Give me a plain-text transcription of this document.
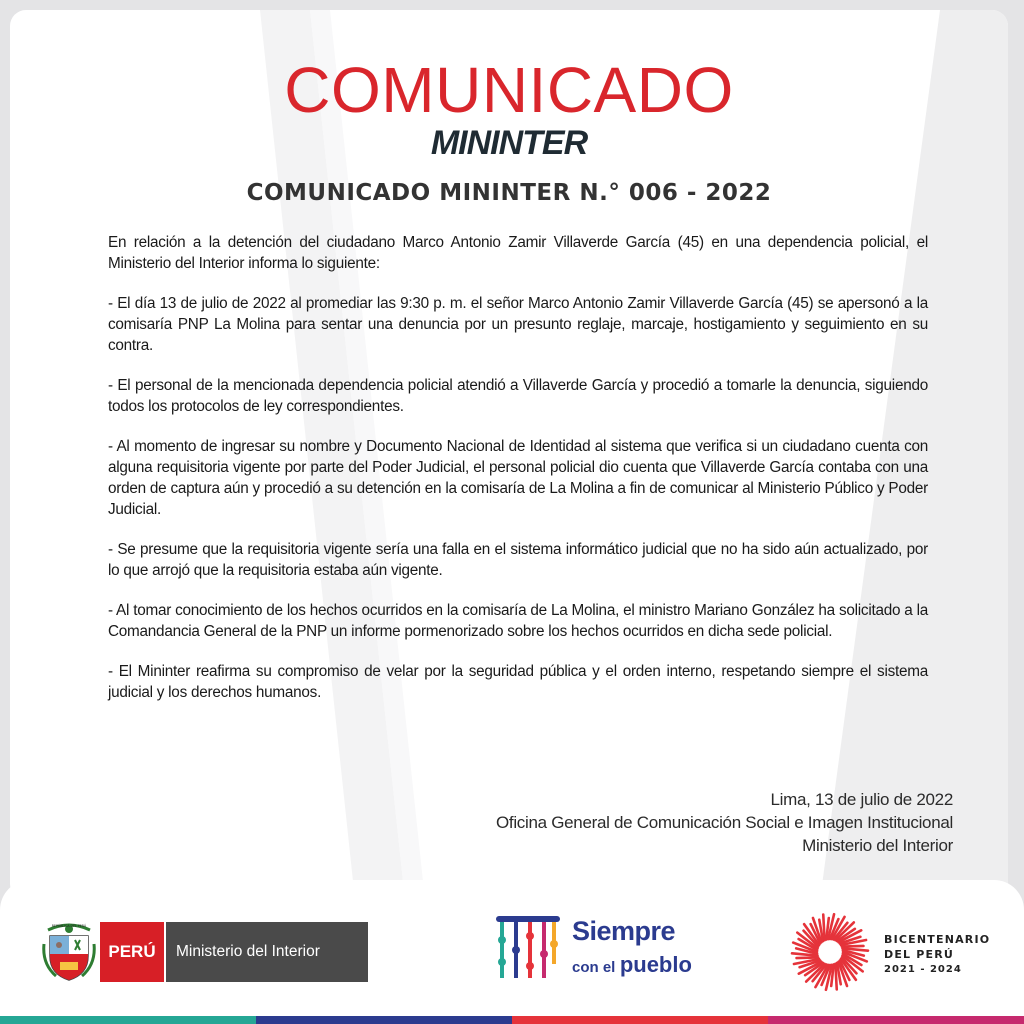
COMUNICADO
MININTER
COMUNICADO MININTER N.° 006 - 2022

En relación a la detención del ciudadano Marco Antonio Zamir Villaverde García (45) en una dependencia policial, el Ministerio del Interior informa lo siguiente:

- El día 13 de julio de 2022 al promediar las 9:30 p. m. el señor Marco Antonio Zamir Villaverde García (45) se apersonó a la comisaría PNP La Molina para sentar una denuncia por un presunto reglaje, marcaje, hostigamiento y seguimiento en su contra.

- El personal de la mencionada dependencia policial atendió a Villaverde García y procedió a tomarle la denuncia, siguiendo todos los protocolos de ley correspondientes.

- Al momento de ingresar su nombre y Documento Nacional de Identidad al sistema que verifica si un ciudadano cuenta con alguna requisitoria vigente por parte del Poder Judicial, el personal policial dio cuenta que Villaverde García contaba con una orden de captura aún y procedió a su detención en la comisaría de La Molina a fin de comunicar al Ministerio Público y Poder Judicial.

- Se presume que la requisitoria vigente sería una falla en el sistema informático judicial que no ha sido aún actualizado, por lo que arrojó que la requisitoria estaba aún vigente.

- Al tomar conocimiento de los hechos ocurridos en la comisaría de La Molina, el ministro Mariano González ha solicitado a la Comandancia General de la PNP un informe pormenorizado sobre los hechos ocurridos en dicha sede policial.

- El Mininter reafirma su compromiso de velar por la seguridad pública y el orden interno, respetando siempre el sistema judicial y los derechos humanos.

Lima, 13 de julio de 2022
Oficina General de Comunicación Social e Imagen Institucional
Ministerio del Interior
REPÚBLICA DEL PERÚ
PERÚ	Ministerio del Interior
Siempre
con el pueblo
BICENTENARIO
DEL PERÚ
2021 - 2024
